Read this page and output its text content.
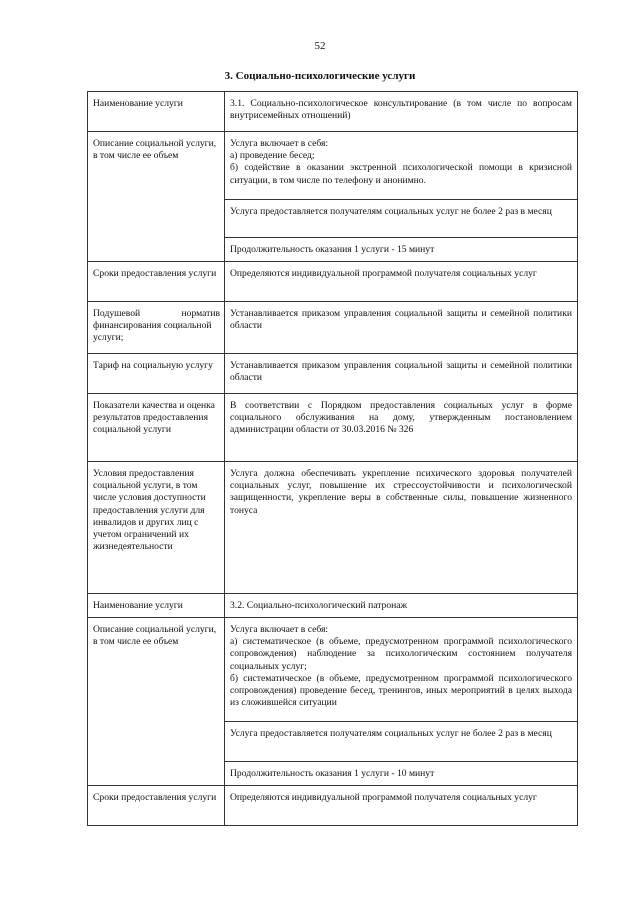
52
3. Социально-психологические услуги
Наименование услуги	3.1. Социально-психологическое консультирование (в том числе по вопросам внутрисемейных отношений)
Описание социальной услуги, в том числе ее объем	Услуга включает в себя:
а) проведение бесед;
б) содействие в оказании экстренной психологической помощи в кризисной ситуации, в том числе по телефону и анонимно.

	Услуга предоставляется получателям социальных услуг не более 2 раз в месяц
	Продолжительность оказания 1 услуги - 15 минут
Сроки предоставления услуги	Определяются индивидуальной программой получателя социальных услуг

Подушевой норматив
финансирования социальной услуги;	Устанавливается приказом управления социальной защиты и семейной политики области
Тариф на социальную услугу	Устанавливается приказом управления социальной защиты и семейной политики области
Показатели качества и оценка результатов предоставления социальной услуги	В соответствии с Порядком предоставления социальных услуг в форме социального обслуживания на дому, утвержденным постановлением администрации области от 30.03.2016 № 326
Условия предоставления социальной услуги, в том числе условия доступности предоставления услуги для инвалидов и других лиц с учетом ограничений их жизнедеятельности	Услуга должна обеспечивать укрепление психического здоровья получателей социальных услуг, повышение их стрессоустойчивости и психологической защищенности, укрепление веры в собственные силы, повышение жизненного тонуса
Наименование услуги	3.2. Социально-психологический патронаж
Описание социальной услуги, в том числе ее объем	Услуга включает в себя:
а) систематическое (в объеме, предусмотренном программой психологического сопровождения) наблюдение за психологическим состоянием получателя социальных услуг;
б) систематическое (в объеме, предусмотренном программой психологического сопровождения) проведение бесед, тренингов, иных мероприятий в целях выхода из сложившейся ситуации

	Услуга предоставляется получателям социальных услуг не более 2 раз в месяц
	Продолжительность оказания 1 услуги - 10 минут
Сроки предоставления услуги	Определяются индивидуальной программой получателя социальных услуг
